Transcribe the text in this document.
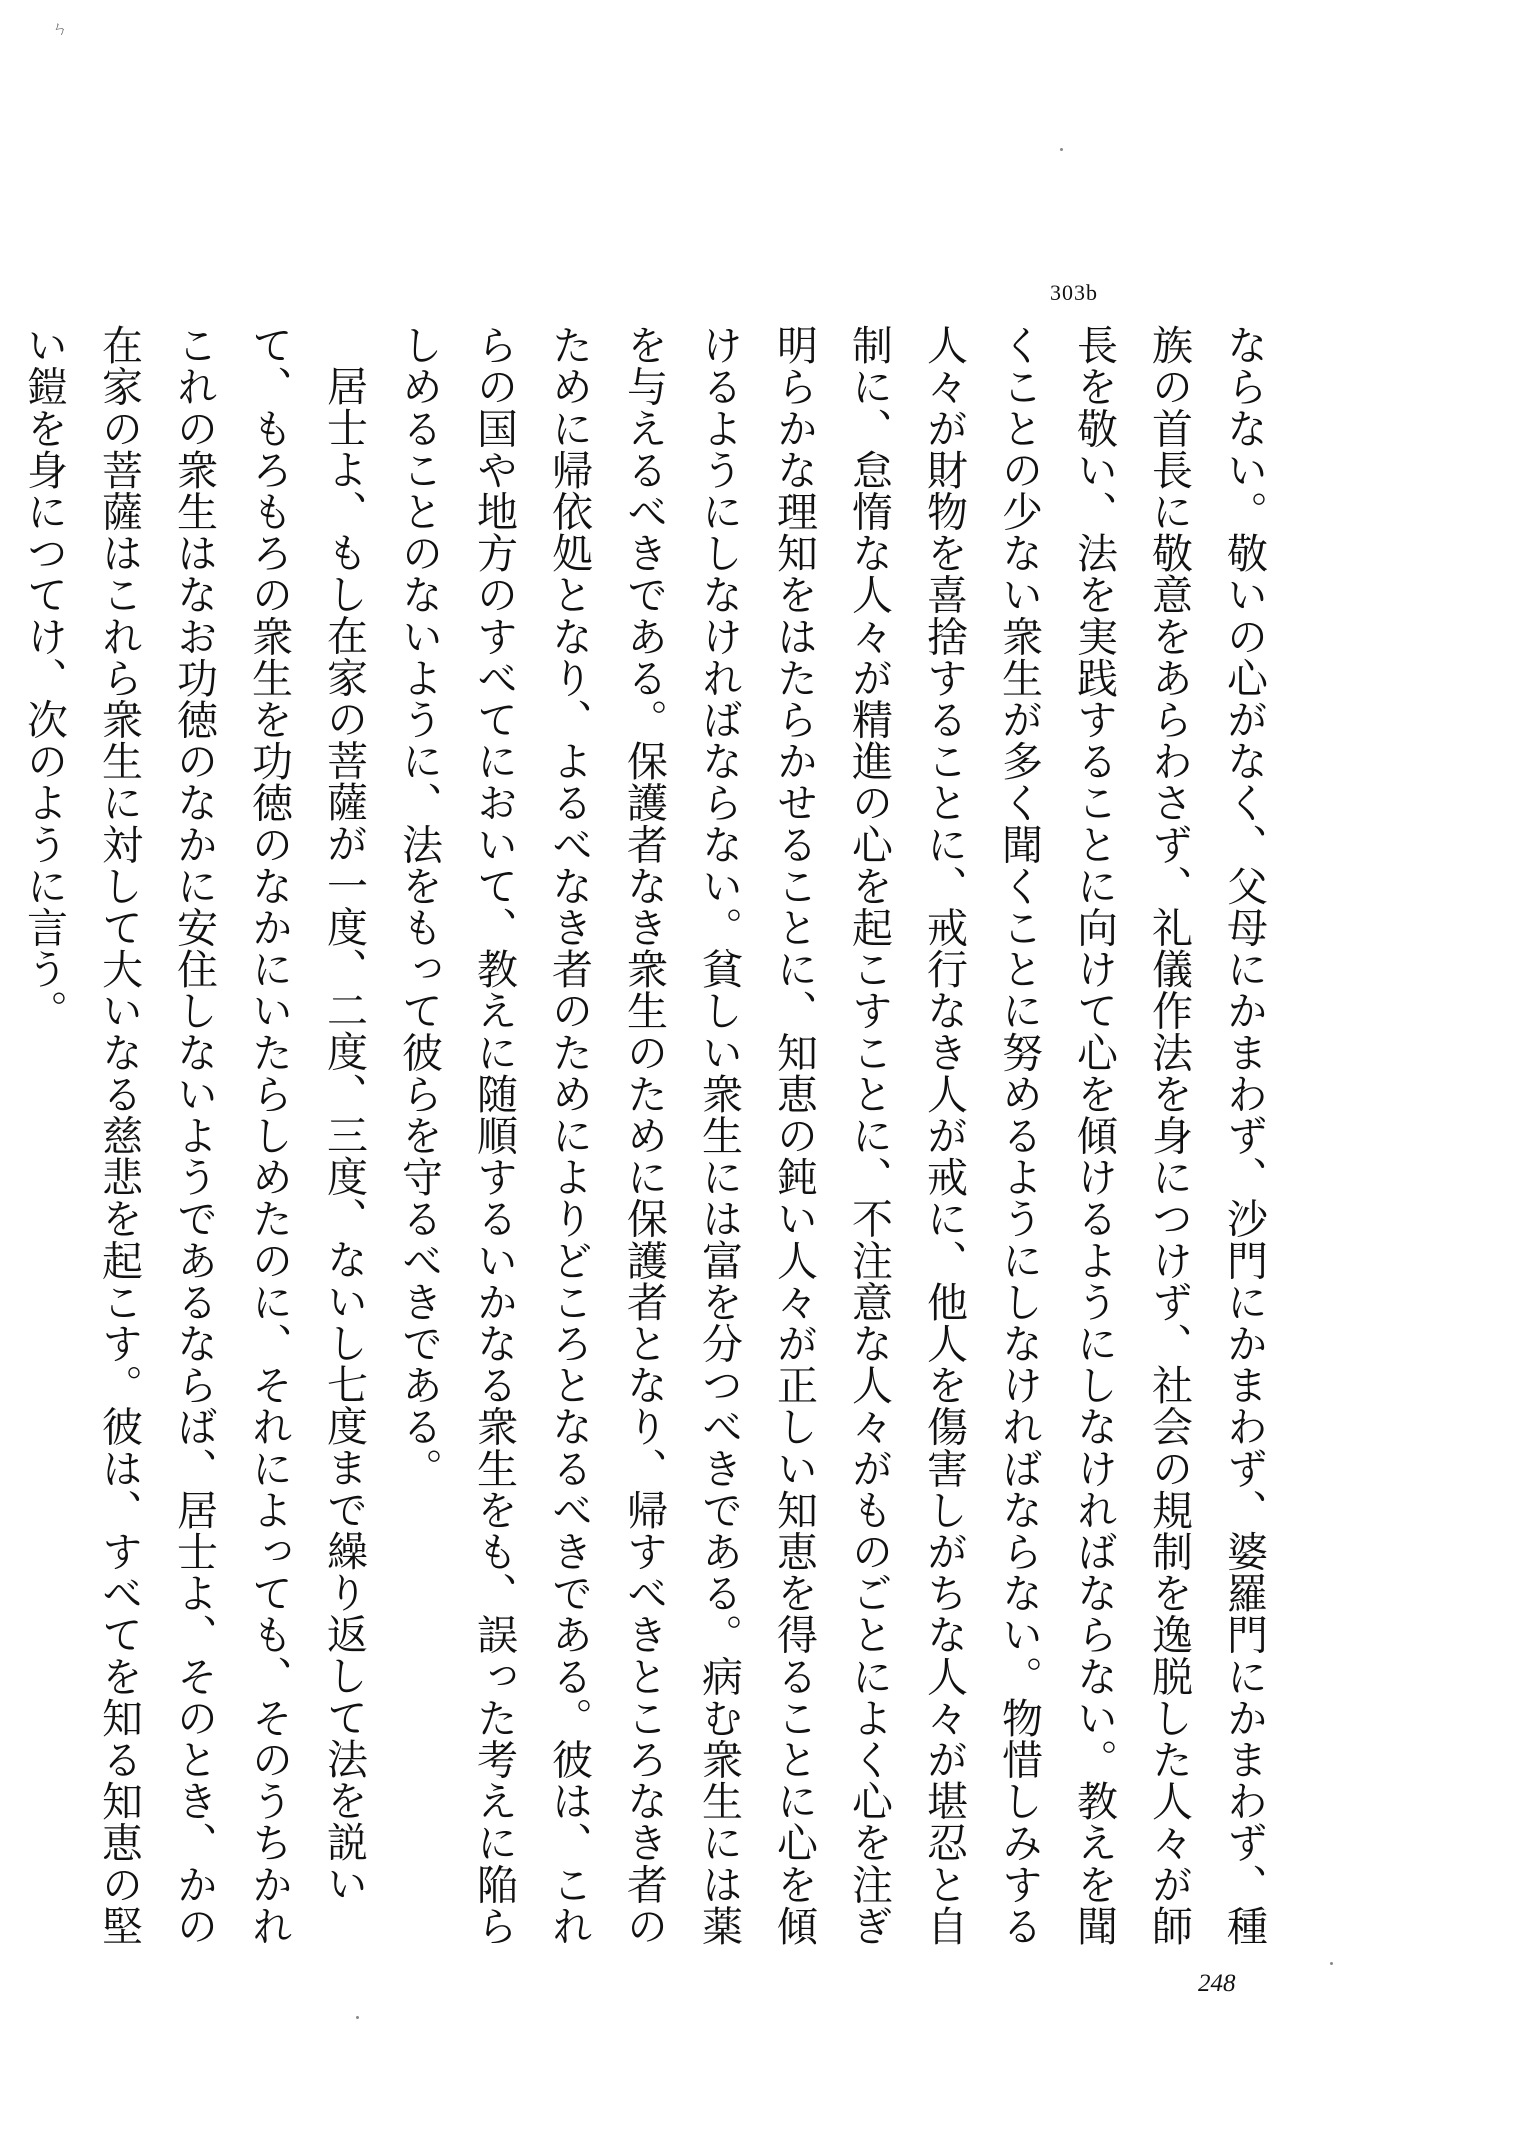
ㄣ
303b

ならない。敬いの心がなく、父母にかまわず、沙門にかまわず、婆羅門にかまわず、種族の首長に敬意をあらわさず、礼儀作法を身につけず、社会の規制を逸脱した人々が師長を敬い、法を実践することに向けて心を傾けるようにしなければならない。教えを聞くことの少ない衆生が多く聞くことに努めるようにしなければならない。物惜しみする人々が財物を喜捨することに、戒行なき人が戒に、他人を傷害しがちな人々が堪忍と自制に、怠惰な人々が精進の心を起こすことに、不注意な人々がものごとによく心を注ぎ明らかな理知をはたらかせることに、知恵の鈍い人々が正しい知恵を得ることに心を傾けるようにしなければならない。貧しい衆生には富を分つべきである。病む衆生には薬を与えるべきである。保護者なき衆生のために保護者となり、帰すべきところなき者のために帰依処となり、よるべなき者のためによりどころとなるべきである。彼は、これらの国や地方のすべてにおいて、教えに随順するいかなる衆生をも、誤った考えに陥らしめることのないように、法をもって彼らを守るべきである。

居士よ、もし在家の菩薩が一度、二度、三度、ないし七度まで繰り返して法を説いて、もろもろの衆生を功徳のなかにいたらしめたのに、それによっても、そのうちかれこれの衆生はなお功徳のなかに安住しないようであるならば、居士よ、そのとき、かの在家の菩薩はこれら衆生に対して大いなる慈悲を起こす。彼は、すべてを知る知恵の堅い鎧を身につてけ、次のように言う。

248
